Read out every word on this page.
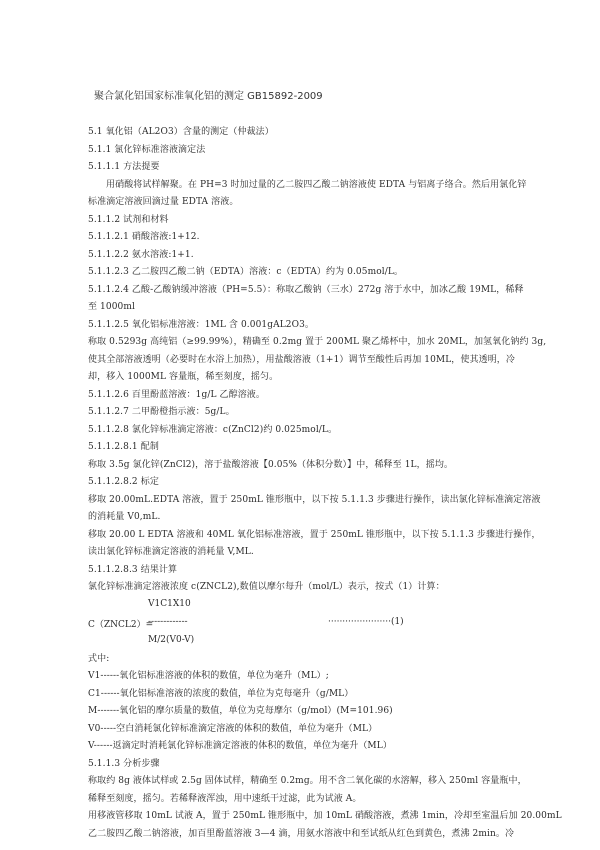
聚合氯化铝国家标准氧化铝的测定 GB15892-2009
5.1 氧化铝（AL2O3）含量的测定（仲裁法）
5.1.1 氯化锌标准溶液滴定法
5.1.1.1 方法提要
用硝酸将试样解聚。在 PH=3 时加过量的乙二胺四乙酸二钠溶液使 EDTA 与铝离子络合。然后用氯化锌
标准滴定溶液回滴过量 EDTA 溶液。
5.1.1.2 试剂和材料
5.1.1.2.1 硝酸溶液:1+12.
5.1.1.2.2 氨水溶液:1+1.
5.1.1.2.3 乙二胺四乙酸二钠（EDTA）溶液：c（EDTA）约为 0.05mol/L。
5.1.1.2.4 乙酸-乙酸钠缓冲溶液（PH=5.5）：称取乙酸钠（三水）272g 溶于水中，加冰乙酸 19ML，稀释
至 1000ml
5.1.1.2.5 氧化铝标准溶液：1ML 含 0.001gAL2O3。
称取 0.5293g 高纯铝（≥99.99%），精确至 0.2mg 置于 200ML 聚乙烯杯中，加水 20ML，加氢氧化钠约 3g,
使其全部溶液透明（必要时在水浴上加热），用盐酸溶液（1+1）调节至酸性后再加 10ML，使其透明，冷
却，移入 1000ML 容量瓶，稀至刻度，摇匀。
5.1.1.2.6 百里酚蓝溶液：1g/L 乙醇溶液。
5.1.1.2.7 二甲酚橙指示液：5g/L。
5.1.1.2.8 氯化锌标准滴定溶液：c(ZnCl2)约 0.025mol/L。
5.1.1.2.8.1 配制
称取 3.5g 氯化锌(ZnCl2)，溶于盐酸溶液【0.05%（体积分数）】中，稀释至 1L，摇均。
5.1.1.2.8.2 标定
移取 20.00mL.EDTA 溶液，置于 250mL 锥形瓶中，以下按 5.1.1.3 步骤进行操作，读出氯化锌标准滴定溶液
的消耗量 V0,mL.
移取 20.00 L EDTA 溶液和 40ML 氧化铝标准溶液，置于 250mL 锥形瓶中，以下按 5.1.1.3 步骤进行操作，
读出氯化锌标准滴定溶液的消耗量 V,ML.
5.1.1.2.8.3 结果计算
氯化锌标准滴定溶液浓度 c(ZNCL2),数值以摩尔每升（mol/L）表示，按式（1）计算：
V1C1X10
C（ZNCL2）=
-------------
M/2(V0-V)
······················(1)
式中:
V1------氧化铝标准溶液的体积的数值，单位为毫升（ML）;
C1------氧化铝标准溶液的浓度的数值，单位为克每毫升（g/ML）
M-------氧化铝的摩尔质量的数值，单位为克每摩尔（g/mol）(M=101.96)
V0-----空白消耗氯化锌标准滴定溶液的体积的数值，单位为毫升（ML）
V------返滴定时消耗氯化锌标准滴定溶液的体积的数值，单位为毫升（ML）
5.1.1.3 分析步骤
称取约 8g 液体试样或 2.5g 固体试样，精确至 0.2mg。用不含二氧化碳的水溶解，移入 250ml 容量瓶中，
稀释至刻度，摇匀。若稀释液浑浊，用中速纸干过滤，此为试液 A。
用移液管移取 10mL 试液 A，置于 250mL 锥形瓶中，加 10mL 硝酸溶液，煮沸 1min，冷却至室温后加 20.00mL
乙二胺四乙酸二钠溶液，加百里酚蓝溶液 3—4 滴，用氨水溶液中和至试纸从红色到黄色，煮沸 2min。冷
